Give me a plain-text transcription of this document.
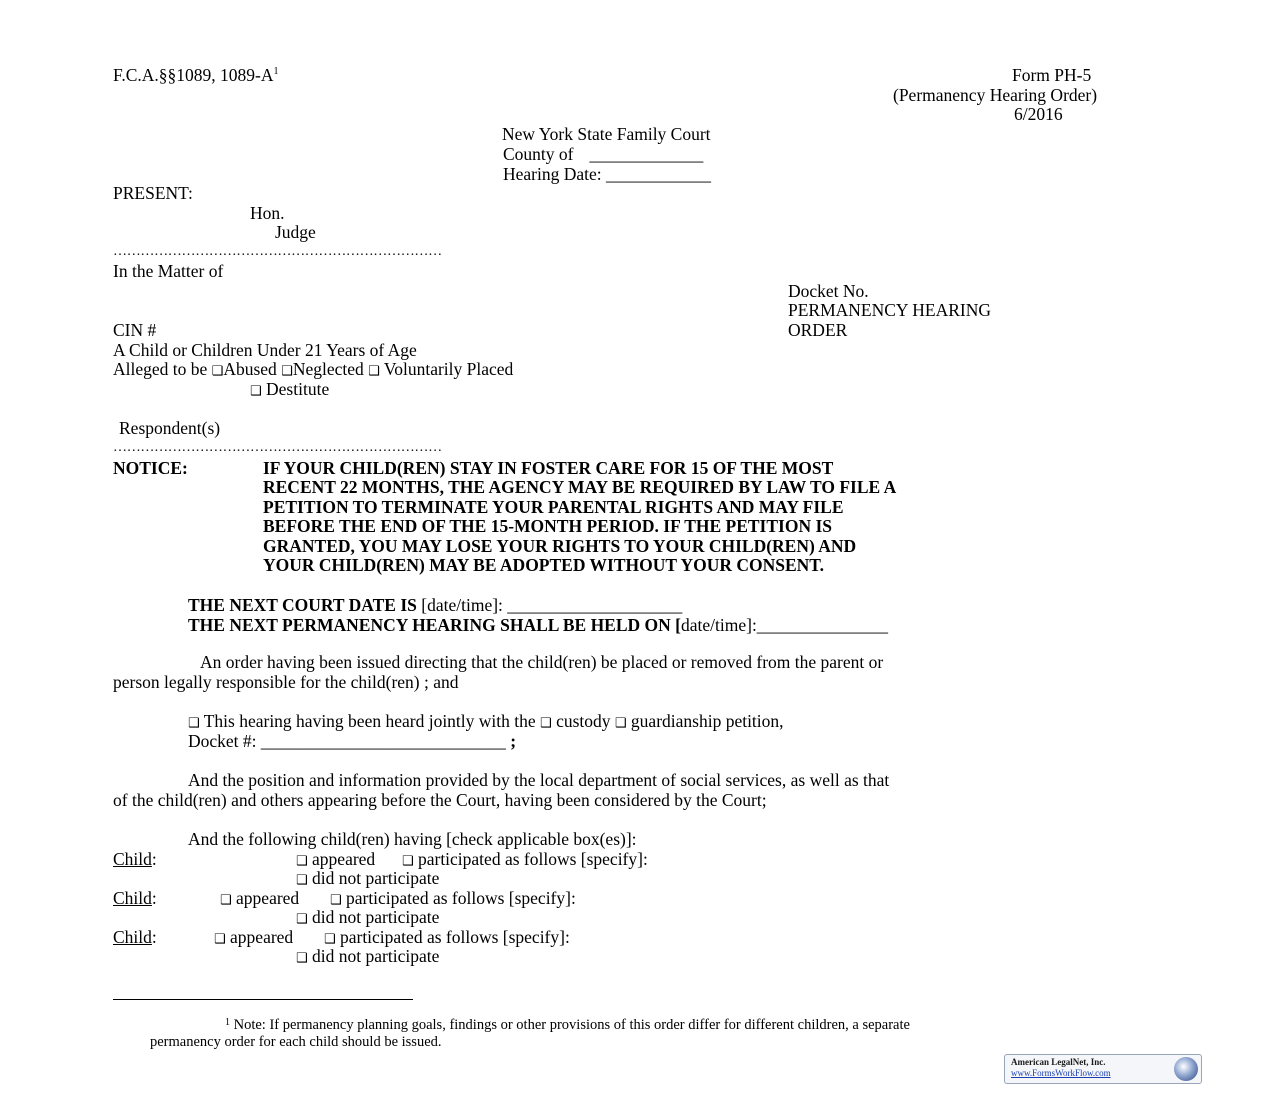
F.C.A.§§1089, $1089-A^1$	Form PH-5
(Permanency Hearing Order)
6/2016
New York State Family Court
County of _____________
Hearing Date: ____________
PRESENT:
Hon.
Judge
………………………………………………………………
In the Matter of
Docket No.
PERMANENCY HEARING
ORDER
CIN #
A Child or Children Under 21 Years of Age
Alleged to be ❑Abused ❑Neglected ❑ Voluntarily Placed
❑ Destitute
Respondent(s)
………………………………………………………………
NOTICE:	IF YOUR CHILD(REN) STAY IN FOSTER CARE FOR 15 OF THE MOST
RECENT 22 MONTHS, THE AGENCY MAY BE REQUIRED BY LAW TO FILE A
PETITION TO TERMINATE YOUR PARENTAL RIGHTS AND MAY FILE
BEFORE THE END OF THE 15-MONTH PERIOD. IF THE PETITION IS
GRANTED, YOU MAY LOSE YOUR RIGHTS TO YOUR CHILD(REN) AND
YOUR CHILD(REN) MAY BE ADOPTED WITHOUT YOUR CONSENT.
THE NEXT COURT DATE IS [date/time]: ____________________
THE NEXT PERMANENCY HEARING SHALL BE HELD ON [date/time]:_______________
An order having been issued directing that the child(ren) be placed or removed from the parent or
person legally responsible for the child(ren) ; and
❑ This hearing having been heard jointly with the ❑ custody ❑ guardianship petition,
Docket #: ____________________________ ;
And the position and information provided by the local department of social services, as well as that
of the child(ren) and others appearing before the Court, having been considered by the Court;
And the following child(ren) having [check applicable box(es)]:
Child:	❑ appeared ❑ participated as follows [specify]:
❑ did not participate
Child:	❑ appeared ❑ participated as follows [specify]:
❑ did not participate
Child:	❑ appeared ❑ participated as follows [specify]:
❑ did not participate
$^1$ Note: If permanency planning goals, findings or other provisions of this order differ for different children, a separate
permanency order for each child should be issued.
American LegalNet, Inc.
www.FormsWorkFlow.com
